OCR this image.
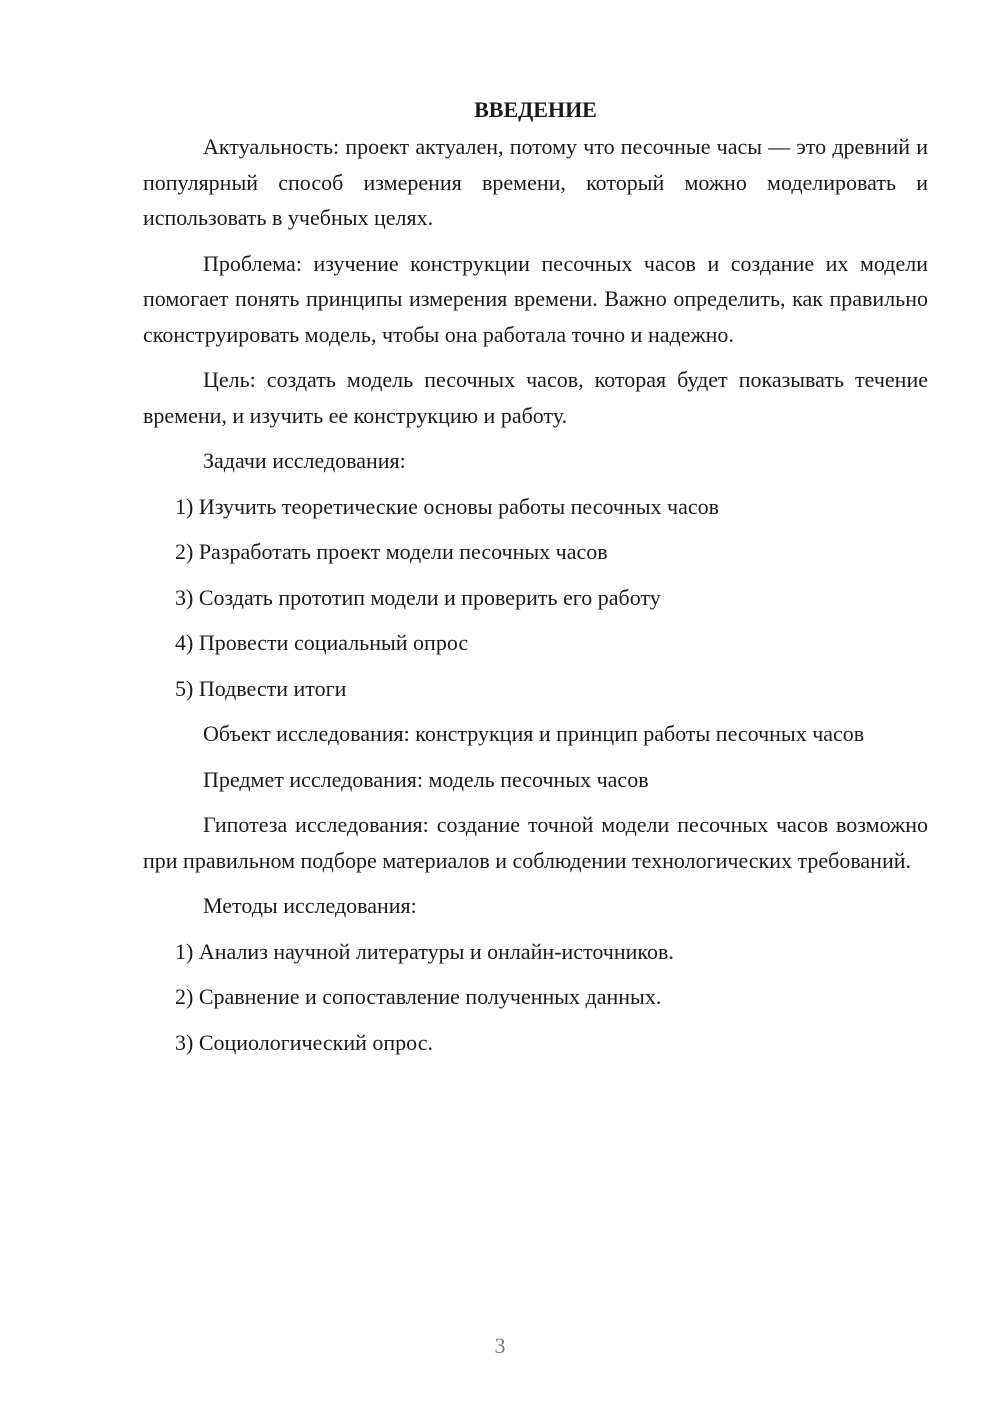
ВВЕДЕНИЕ

Актуальность: проект актуален, потому что песочные часы — это древний и популярный способ измерения времени, который можно моделировать и использовать в учебных целях.

Проблема: изучение конструкции песочных часов и создание их модели помогает понять принципы измерения времени. Важно определить, как правильно сконструировать модель, чтобы она работала точно и надежно.

Цель: создать модель песочных часов, которая будет показывать течение времени, и изучить ее конструкцию и работу.

Задачи исследования:

1) Изучить теоретические основы работы песочных часов
2) Разработать проект модели песочных часов
3) Создать прототип модели и проверить его работу
4) Провести социальный опрос
5) Подвести итоги

Объект исследования: конструкция и принцип работы песочных часов

Предмет исследования: модель песочных часов

Гипотеза исследования: создание точной модели песочных часов возможно при правильном подборе материалов и соблюдении технологических требований.

Методы исследования:

1) Анализ научной литературы и онлайн-источников.
2) Сравнение и сопоставление полученных данных.
3) Социологический опрос.
3
